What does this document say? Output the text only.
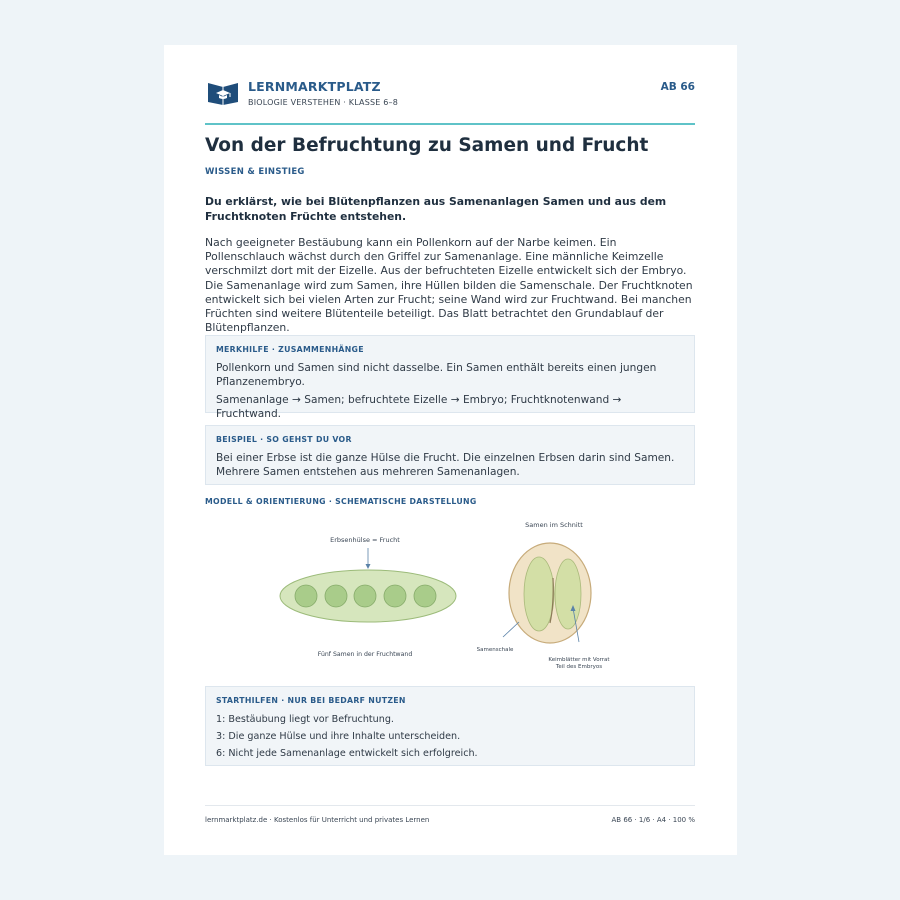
LERNMARKTPLATZ
BIOLOGIE VERSTEHEN · KLASSE 6–8
AB 66
Von der Befruchtung zu Samen und Frucht
WISSEN & EINSTIEG
Du erklärst, wie bei Blütenpflanzen aus Samenanlagen Samen und aus dem Fruchtknoten Früchte entstehen.
Nach geeigneter Bestäubung kann ein Pollenkorn auf der Narbe keimen. Ein Pollenschlauch wächst durch den Griffel zur Samenanlage. Eine männliche Keimzelle verschmilzt dort mit der Eizelle. Aus der befruchteten Eizelle entwickelt sich der Embryo. Die Samenanlage wird zum Samen, ihre Hüllen bilden die Samenschale. Der Fruchtknoten entwickelt sich bei vielen Arten zur Frucht; seine Wand wird zur Fruchtwand. Bei manchen Früchten sind weitere Blütenteile beteiligt. Das Blatt betrachtet den Grundablauf der Blütenpflanzen.
MERKHILFE · ZUSAMMENHÄNGE

Pollenkorn und Samen sind nicht dasselbe. Ein Samen enthält bereits einen jungen Pflanzenembryo.

Samenanlage → Samen; befruchtete Eizelle → Embryo; Fruchtknotenwand → Fruchtwand.

BEISPIEL · SO GEHST DU VOR

Bei einer Erbse ist die ganze Hülse die Frucht. Die einzelnen Erbsen darin sind Samen. Mehrere Samen entstehen aus mehreren Samenanlagen.

MODELL & ORIENTIERUNG · SCHEMATISCHE DARSTELLUNG
Erbsenhülse = Frucht
Fünf Samen in der Fruchtwand
Samen im Schnitt
Samenschale
Keimblätter mit Vorrat
Teil des Embryos
STARTHILFEN · NUR BEI BEDARF NUTZEN

1: Bestäubung liegt vor Befruchtung.

3: Die ganze Hülse und ihre Inhalte unterscheiden.

6: Nicht jede Samenanlage entwickelt sich erfolgreich.

lernmarktplatz.de · Kostenlos für Unterricht und privates Lernen	AB 66 · 1/6 · A4 · 100 %
